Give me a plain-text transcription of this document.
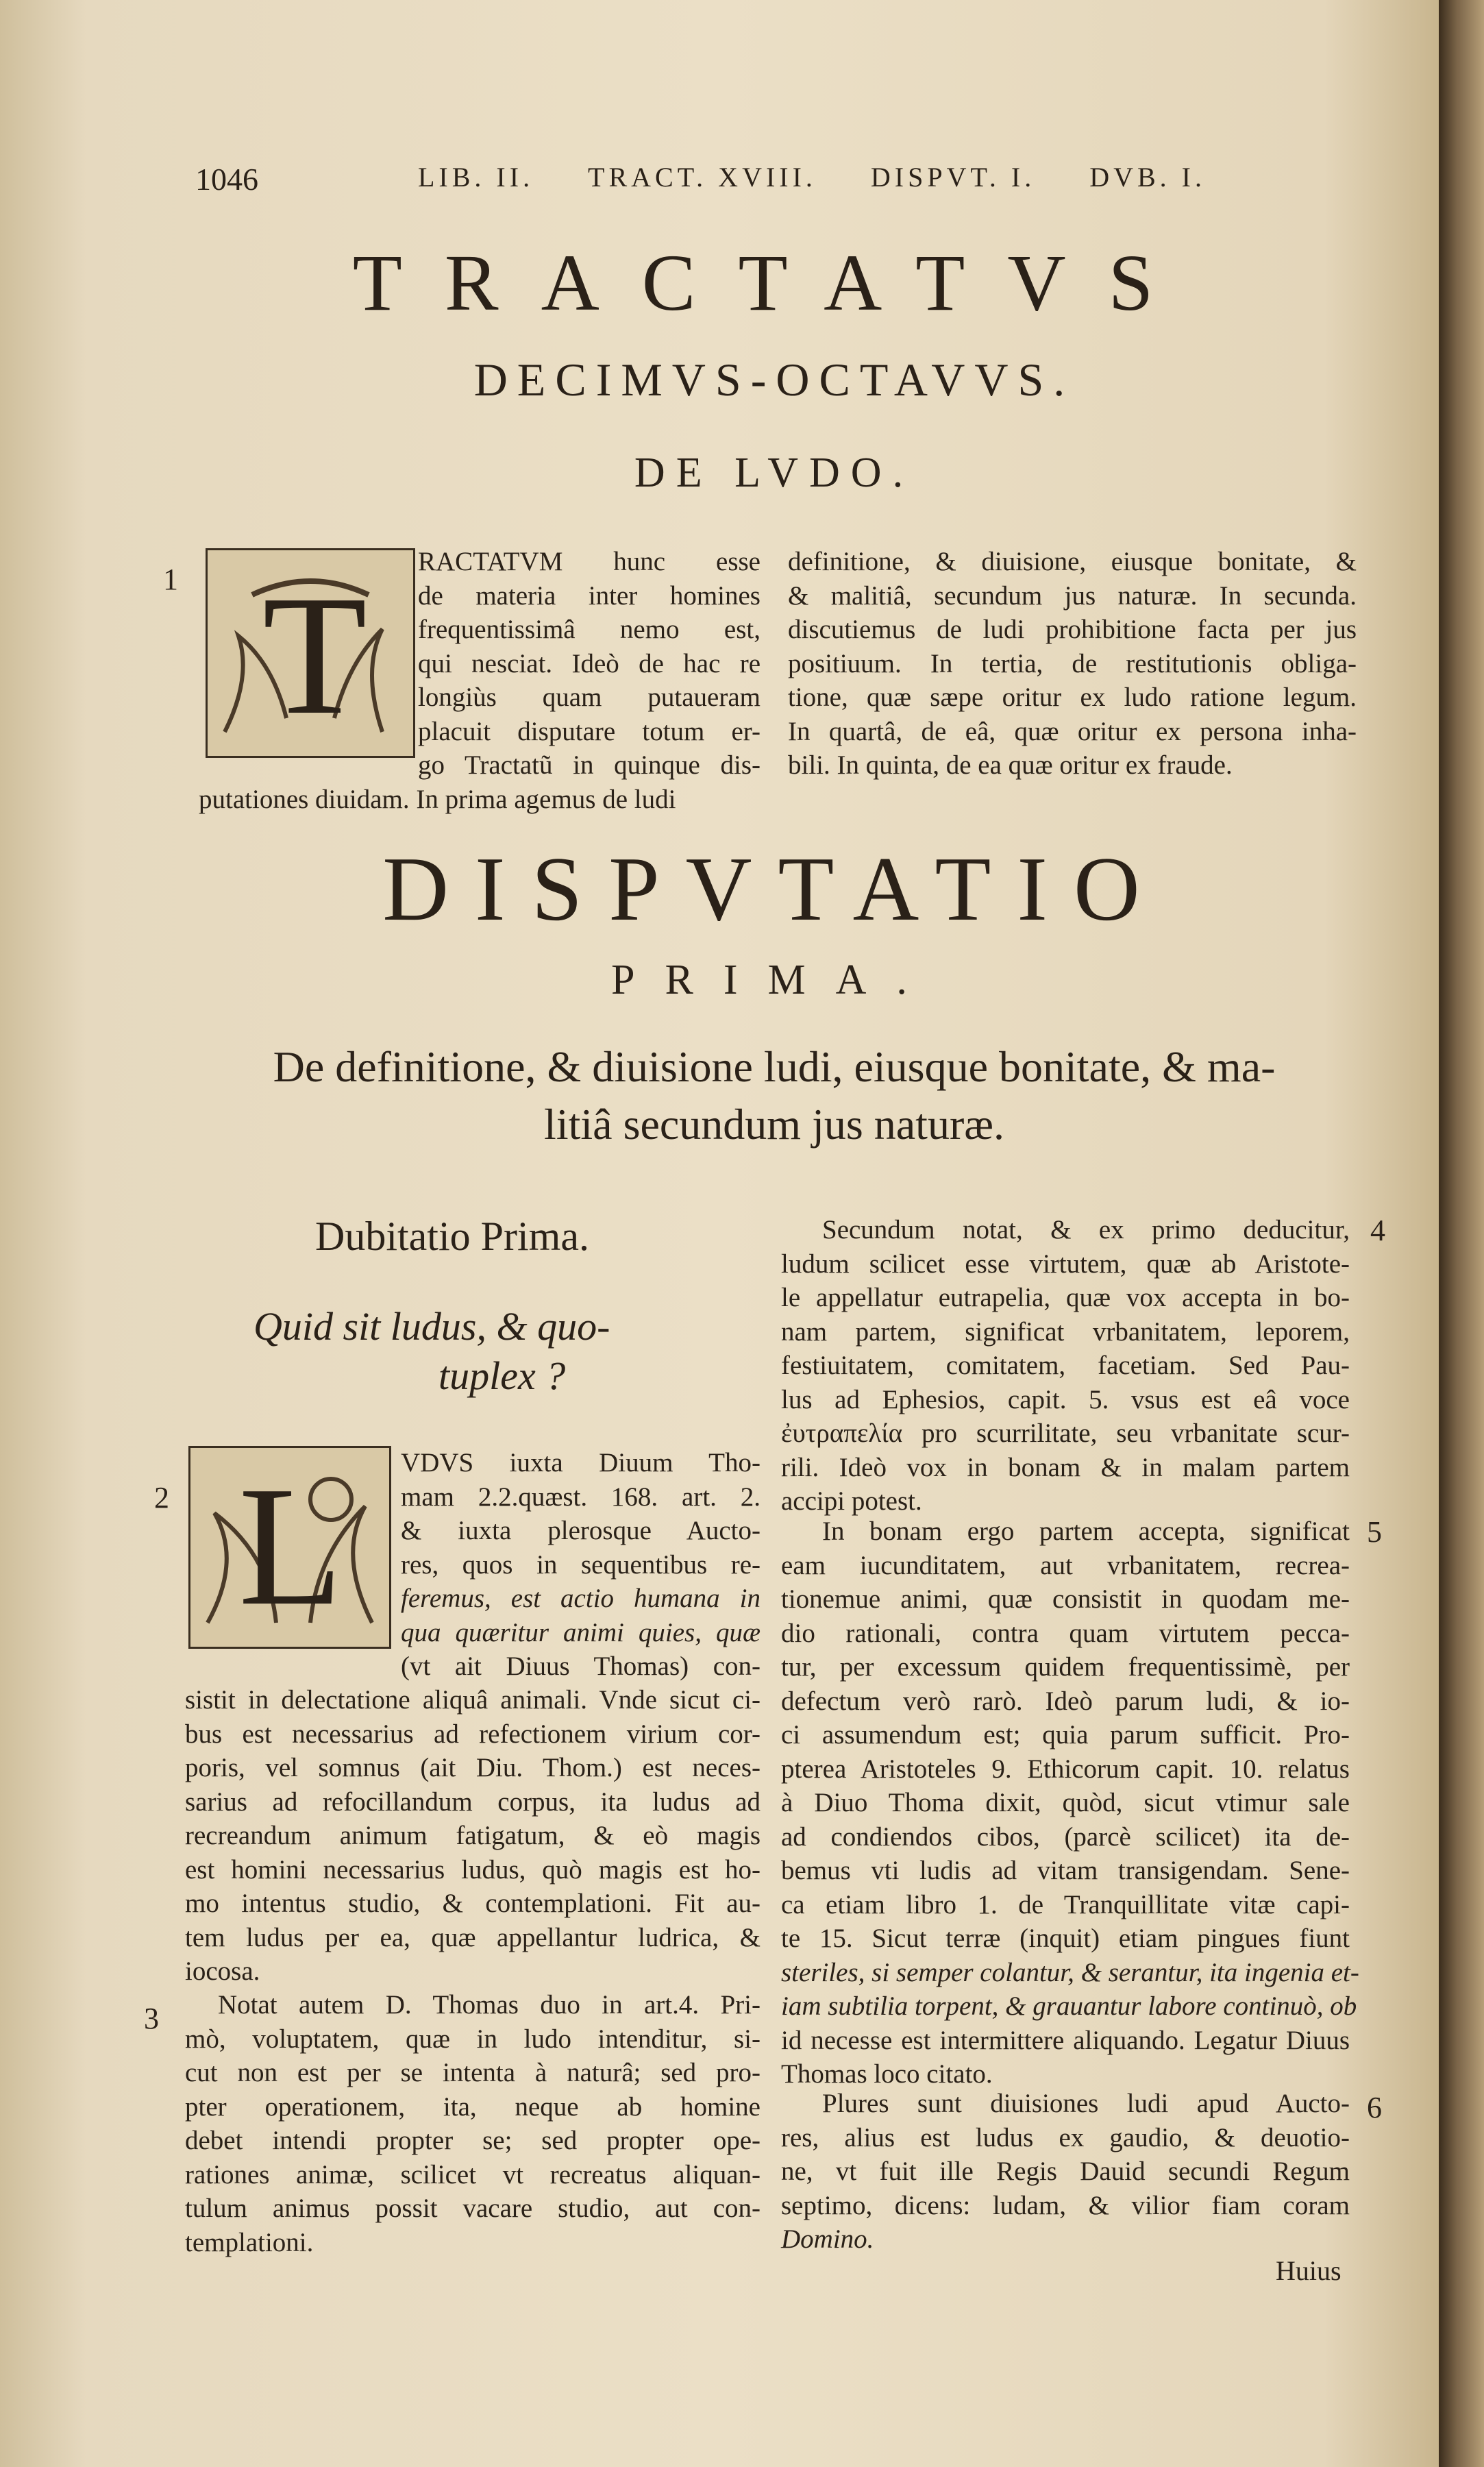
1046	LIB. II. TRACT. XVIII. DISPVT. I. DVB. I.
TRACTATVS
DECIMVS-OCTAVVS.
DE LVDO.
1 T RACTATVM hunc esse
de materia inter homines
frequentissimâ nemo est,
qui nesciat. Ideò de hac re
longiùs quam putaueram
placuit disputare totum er-
go Tractatũ in quinque dis-
putationes diuidam. In prima agemus de ludi
definitione, & diuisione, eiusque bonitate, &
& malitiâ, secundum jus naturæ. In secunda.
discutiemus de ludi prohibitione facta per jus
positiuum. In tertia, de restitutionis obliga-
tione, quæ sæpe oritur ex ludo ratione legum.
In quartâ, de eâ, quæ oritur ex persona inha-
bili. In quinta, de ea quæ oritur ex fraude.
DISPVTATIO
PRIMA.
De definitione, & diuisione ludi, eiusque bonitate, & ma-
litiâ secundum jus naturæ.
Dubitatio Prima.
Quid sit ludus, & quo-
tuplex ?
2 L VDVS iuxta Diuum Tho-
mam 2.2.quæst. 168. art. 2.
& iuxta plerosque Aucto-
res, quos in sequentibus re-
feremus, est actio humana in
qua quæritur animi quies, quæ
(vt ait Diuus Thomas) con-
sistit in delectatione aliquâ animali. Vnde sicut ci-
bus est necessarius ad refectionem virium cor-
poris, vel somnus (ait Diu. Thom.) est neces-
sarius ad refocillandum corpus, ita ludus ad
recreandum animum fatigatum, & eò magis
est homini necessarius ludus, quò magis est ho-
mo intentus studio, & contemplationi. Fit au-
tem ludus per ea, quæ appellantur ludrica, &
iocosa.
3	Notat autem D. Thomas duo in art.4. Pri-
mò, voluptatem, quæ in ludo intenditur, si-
cut non est per se intenta à naturâ; sed pro-
pter operationem, ita, neque ab homine
debet intendi propter se; sed propter ope-
rationes animæ, scilicet vt recreatus aliquan-
tulum animus possit vacare studio, aut con-
templationi.
4
Secundum notat, & ex primo deducitur,
ludum scilicet esse virtutem, quæ ab Aristote-
le appellatur eutrapelia, quæ vox accepta in bo-
nam partem, significat vrbanitatem, leporem,
festiuitatem, comitatem, facetiam. Sed Pau-
lus ad Ephesios, capit. 5. vsus est eâ voce
ἐυτραπελία pro scurrilitate, seu vrbanitate scur-
rili. Ideò vox in bonam & in malam partem
accipi potest.
5
In bonam ergo partem accepta, significat
eam iucunditatem, aut vrbanitatem, recrea-
tionemue animi, quæ consistit in quodam me-
dio rationali, contra quam virtutem pecca-
tur, per excessum quidem frequentissimè, per
defectum verò rarò. Ideò parum ludi, & io-
ci assumendum est; quia parum sufficit. Pro-
pterea Aristoteles 9. Ethicorum capit. 10. relatus
à Diuo Thoma dixit, quòd, sicut vtimur sale
ad condiendos cibos, (parcè scilicet) ita de-
bemus vti ludis ad vitam transigendam. Sene-
ca etiam libro 1. de Tranquillitate vitæ capi-
te 15. Sicut terræ (inquit) etiam pingues fiunt
steriles, si semper colantur, & serantur, ita ingenia et-
iam subtilia torpent, & grauantur labore continuò, ob
id necesse est intermittere aliquando. Legatur Diuus
Thomas loco citato.
6
Plures sunt diuisiones ludi apud Aucto-
res, alius est ludus ex gaudio, & deuotio-
ne, vt fuit ille Regis Dauid secundi Regum
septimo, dicens: ludam, & vilior fiam coram
Domino.
Huius
